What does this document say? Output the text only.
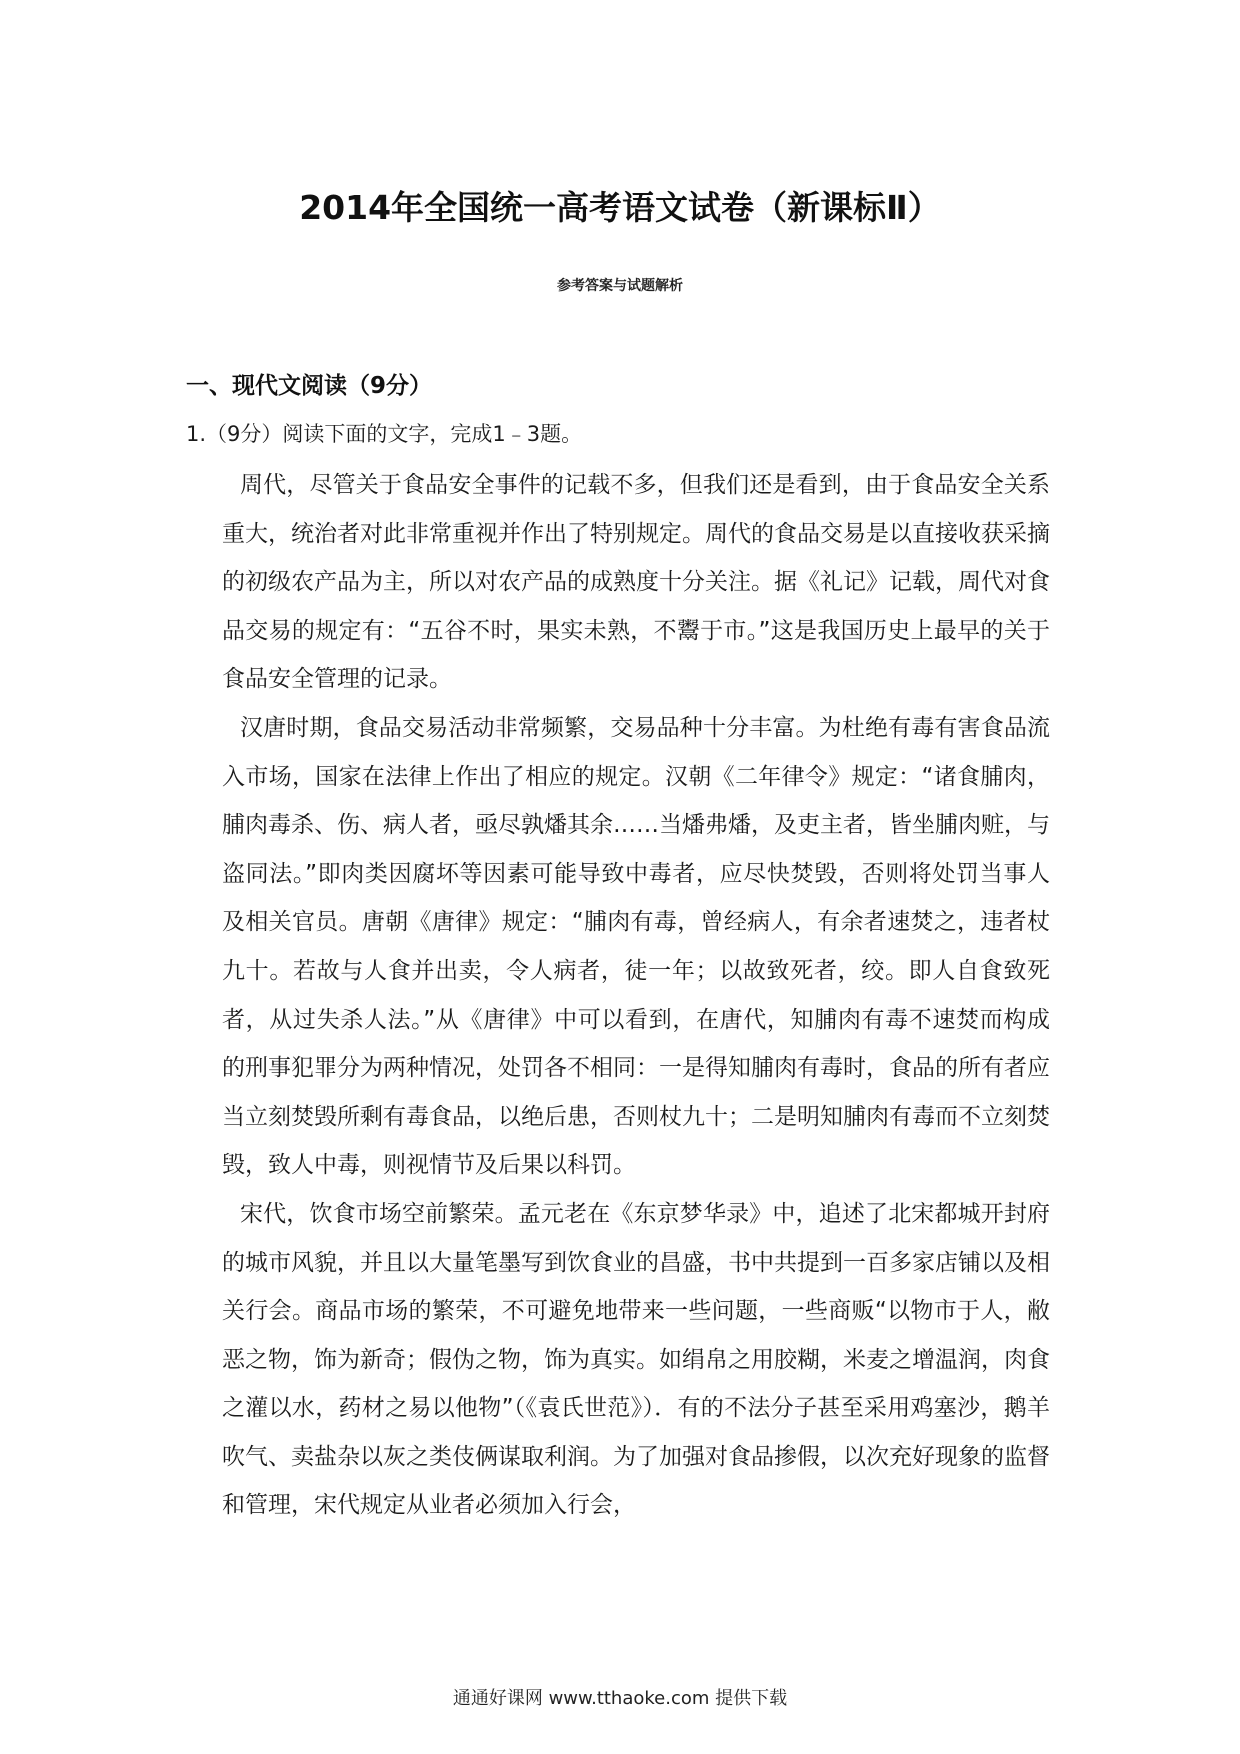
2014年全国统一高考语文试卷（新课标Ⅱ）
参考答案与试题解析
一、现代文阅读（9分）
1.（9分）阅读下面的文字，完成1﹣3题。

周代，尽管关于食品安全事件的记载不多，但我们还是看到，由于食品安全关系重大，统治者对此非常重视并作出了特别规定。周代的食品交易是以直接收获采摘的初级农产品为主，所以对农产品的成熟度十分关注。据《礼记》记载，周代对食品交易的规定有：“五谷不时，果实未熟，不鬻于市。”这是我国历史上最早的关于食品安全管理的记录。

汉唐时期，食品交易活动非常频繁，交易品种十分丰富。为杜绝有毒有害食品流入市场，国家在法律上作出了相应的规定。汉朝《二年律令》规定：“诸食脯肉，脯肉毒杀、伤、病人者，亟尽孰燔其余……当燔弗燔，及吏主者，皆坐脯肉赃，与盗同法。”即肉类因腐坏等因素可能导致中毒者，应尽快焚毁，否则将处罚当事人及相关官员。唐朝《唐律》规定：“脯肉有毒，曾经病人，有余者速焚之，违者杖九十。若故与人食并出卖，令人病者，徒一年；以故致死者，绞。即人自食致死者，从过失杀人法。”从《唐律》中可以看到，在唐代，知脯肉有毒不速焚而构成的刑事犯罪分为两种情况，处罚各不相同：一是得知脯肉有毒时，食品的所有者应当立刻焚毁所剩有毒食品，以绝后患，否则杖九十；二是明知脯肉有毒而不立刻焚毁，致人中毒，则视情节及后果以科罚。

宋代，饮食市场空前繁荣。孟元老在《东京梦华录》中，追述了北宋都城开封府的城市风貌，并且以大量笔墨写到饮食业的昌盛，书中共提到一百多家店铺以及相关行会。商品市场的繁荣，不可避免地带来一些问题，一些商贩“以物市于人，敝恶之物，饰为新奇；假伪之物，饰为真实。如绢帛之用胶糊，米麦之增温润，肉食之灌以水，药材之易以他物”（《袁氏世范》）．有的不法分子甚至采用鸡塞沙，鹅羊吹气、卖盐杂以灰之类伎俩谋取利润。为了加强对食品掺假，以次充好现象的监督和管理，宋代规定从业者必须加入行会，

通通好课网 www.tthaoke.com 提供下载
